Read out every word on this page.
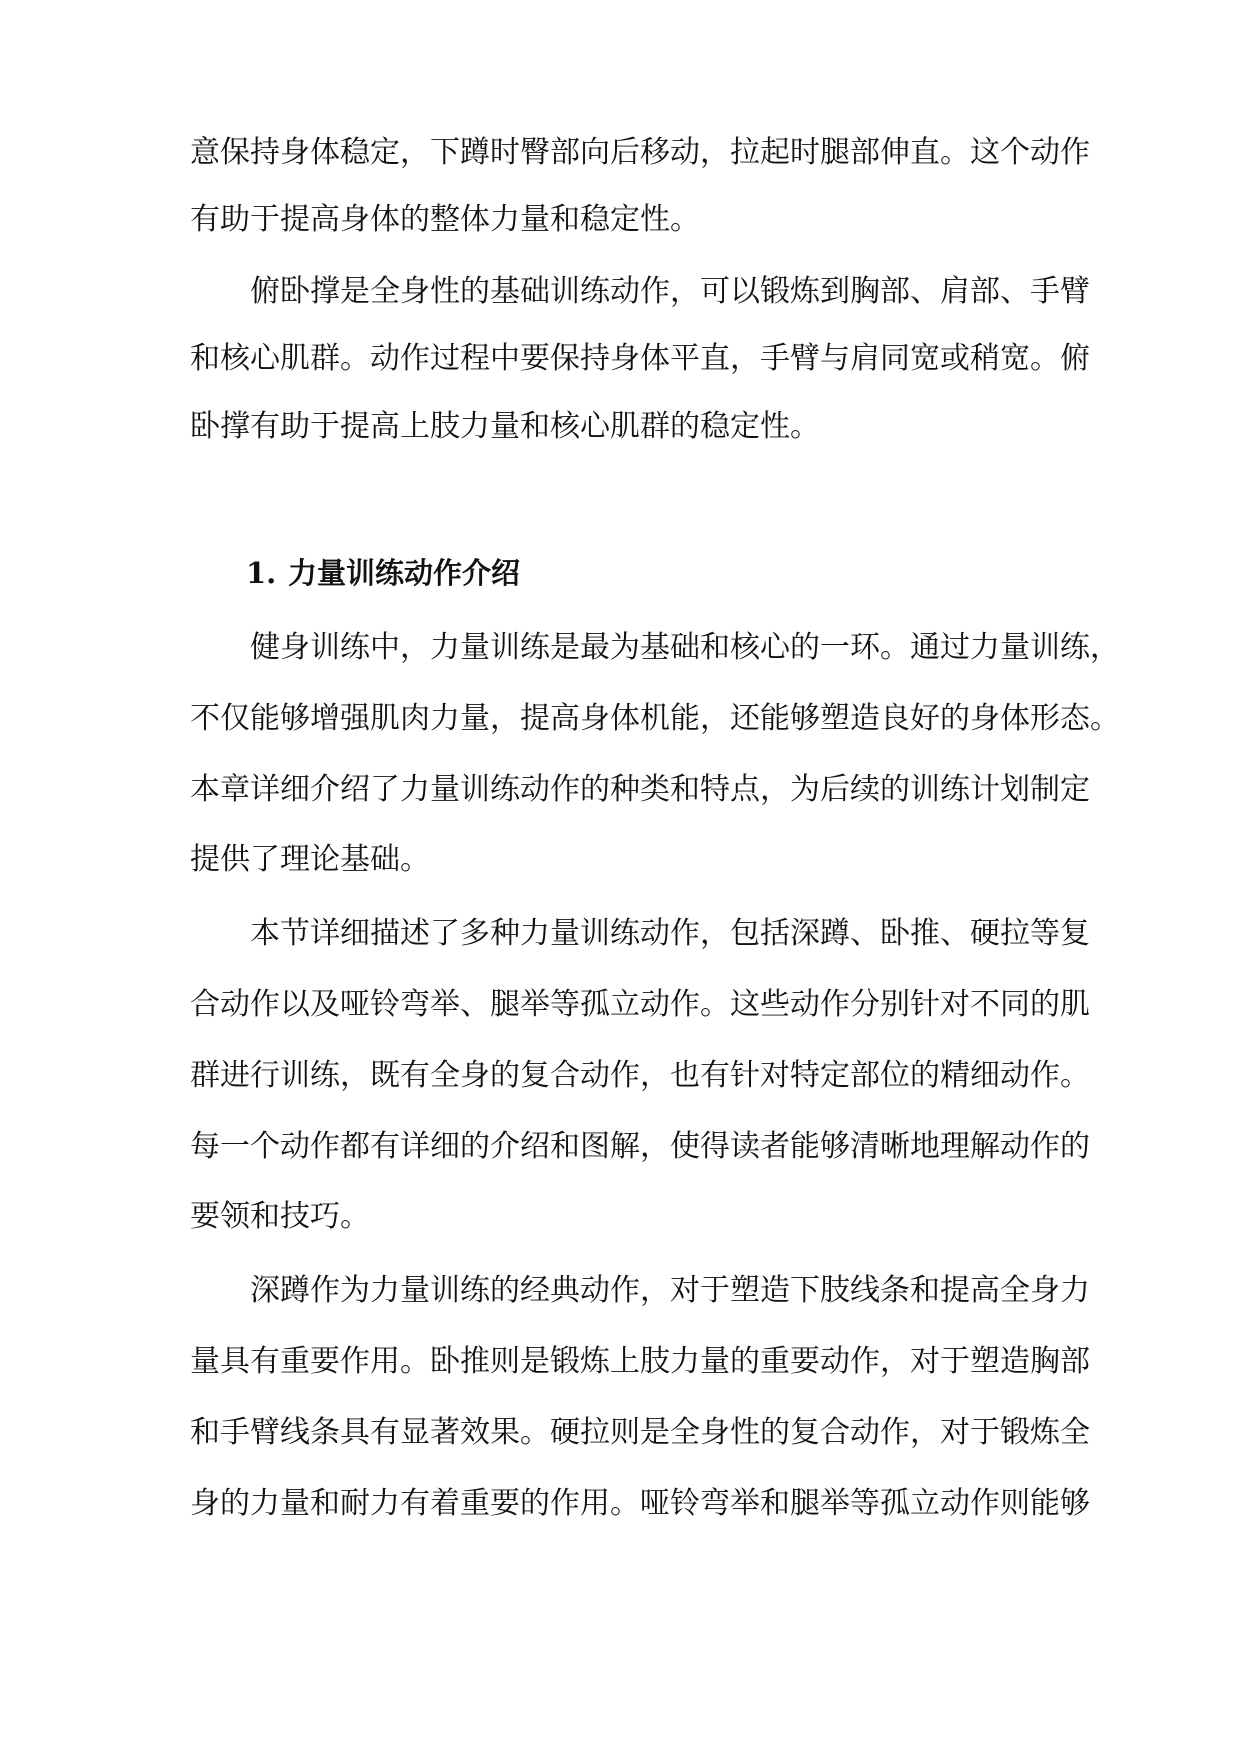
意保持身体稳定，下蹲时臀部向后移动，拉起时腿部伸直。这个动作
有助于提高身体的整体力量和稳定性。
俯卧撑是全身性的基础训练动作，可以锻炼到胸部、肩部、手臂
和核心肌群。动作过程中要保持身体平直，手臂与肩同宽或稍宽。俯
卧撑有助于提高上肢力量和核心肌群的稳定性。
1. 力量训练动作介绍
健身训练中，力量训练是最为基础和核心的一环。通过力量训练，
不仅能够增强肌肉力量，提高身体机能，还能够塑造良好的身体形态。
本章详细介绍了力量训练动作的种类和特点，为后续的训练计划制定
提供了理论基础。
本节详细描述了多种力量训练动作，包括深蹲、卧推、硬拉等复
合动作以及哑铃弯举、腿举等孤立动作。这些动作分别针对不同的肌
群进行训练，既有全身的复合动作，也有针对特定部位的精细动作。
每一个动作都有详细的介绍和图解，使得读者能够清晰地理解动作的
要领和技巧。
深蹲作为力量训练的经典动作，对于塑造下肢线条和提高全身力
量具有重要作用。卧推则是锻炼上肢力量的重要动作，对于塑造胸部
和手臂线条具有显著效果。硬拉则是全身性的复合动作，对于锻炼全
身的力量和耐力有着重要的作用。哑铃弯举和腿举等孤立动作则能够
